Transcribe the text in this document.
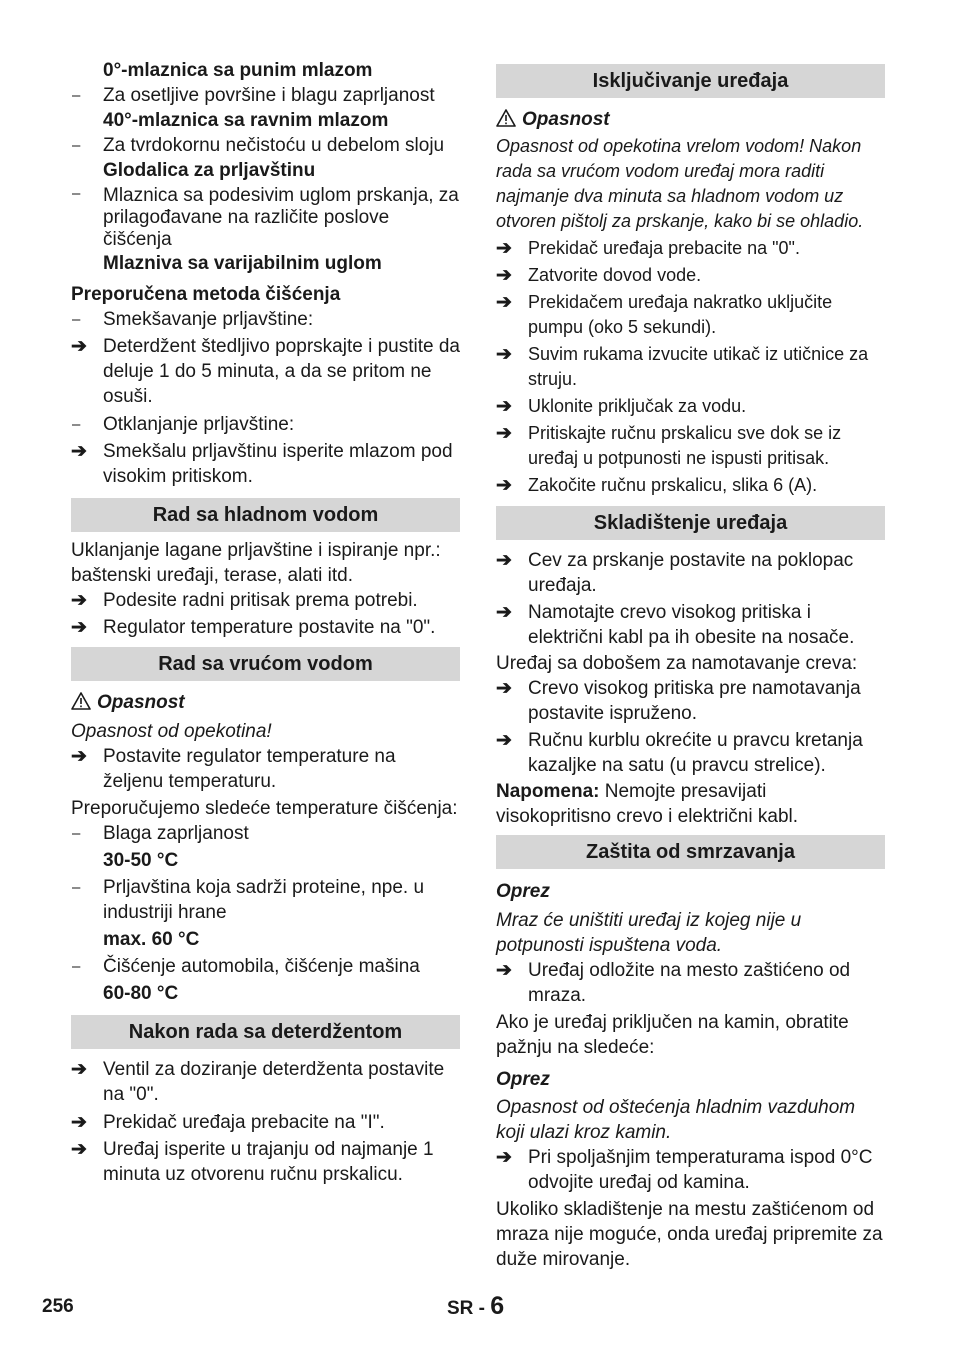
0°-mlaznica sa punim mlazom

–	Za osetljive površine i blagu zaprljanost

40°-mlaznica sa ravnim mlazom

–	Za tvrdokornu nečistoću u debelom sloju

Glodalica za prljavštinu

–	Mlaznica sa podesivim uglom prskanja, za prilagođavane na različite poslove čišćenja

Mlazniva sa varijabilnim uglom

Preporučena metoda čišćenja

–	Smekšavanje prljavštine:

➔ Deterdžent štedljivo poprskajte i pustite da deluje 1 do 5 minuta, a da se pritom ne osuši.

–	Otklanjanje prljavštine:

➔ Smekšalu prljavštinu isperite mlazom pod visokim pritiskom.

Rad sa hladnom vodom

Uklanjanje lagane prljavštine i ispiranje npr.: baštenski uređaji, terase, alati itd.

➔ Podesite radni pritisak prema potrebi.

➔ Regulator temperature postavite na "0".

Rad sa vrućom vodom
Opasnost

Opasnost od opekotina!

➔ Postavite regulator temperature na željenu temperaturu.

Preporučujemo sledeće temperature čišćenja:

–	Blaga zaprljanost

30-50 °C

–	Prljavština koja sadrži proteine, npe. u industriji hrane

max. 60 °C

–	Čišćenje automobila, čišćenje mašina

60-80 °C

Nakon rada sa deterdžentom

➔ Ventil za doziranje deterdženta postavite na "0".

➔ Prekidač uređaja prebacite na "I".

➔ Uređaj isperite u trajanju od najmanje 1 minuta uz otvorenu ručnu prskalicu.

Isključivanje uređaja
Opasnost

Opasnost od opekotina vrelom vodom! Nakon rada sa vrućom vodom uređaj mora raditi najmanje dva minuta sa hladnom vodom uz otvoren pištolj za prskanje, kako bi se ohladio.

➔ Prekidač uređaja prebacite na "0".

➔ Zatvorite dovod vode.

➔ Prekidačem uređaja nakratko uključite pumpu (oko 5 sekundi).

➔ Suvim rukama izvucite utikač iz utičnice za struju.

➔ Uklonite priključak za vodu.

➔ Pritiskajte ručnu prskalicu sve dok se iz uređaj u potpunosti ne ispusti pritisak.

➔ Zakočite ručnu prskalicu, slika 6 (A).

Skladištenje uređaja

➔ Cev za prskanje postavite na poklopac uređaja.

➔ Namotajte crevo visokog pritiska i električni kabl pa ih obesite na nosače.

Uređaj sa dobošem za namotavanje creva:

➔ Crevo visokog pritiska pre namotavanja postavite ispruženo.

➔ Ručnu kurblu okrećite u pravcu kretanja kazaljke na satu (u pravcu strelice).

Napomena: Nemojte presavijati visokopritisno crevo i električni kabl.

Zaštita od smrzavanja

Oprez

Mraz će uništiti uređaj iz kojeg nije u potpunosti ispuštena voda.

➔ Uređaj odložite na mesto zaštićeno od mraza.

Ako je uređaj priključen na kamin, obratite pažnju na sledeće:

Oprez

Opasnost od oštećenja hladnim vazduhom koji ulazi kroz kamin.

➔ Pri spoljašnjim temperaturama ispod 0°C odvojite uređaj od kamina.

Ukoliko skladištenje na mestu zaštićenom od mraza nije moguće, onda uređaj pripremite za duže mirovanje.

256	SR - 6
